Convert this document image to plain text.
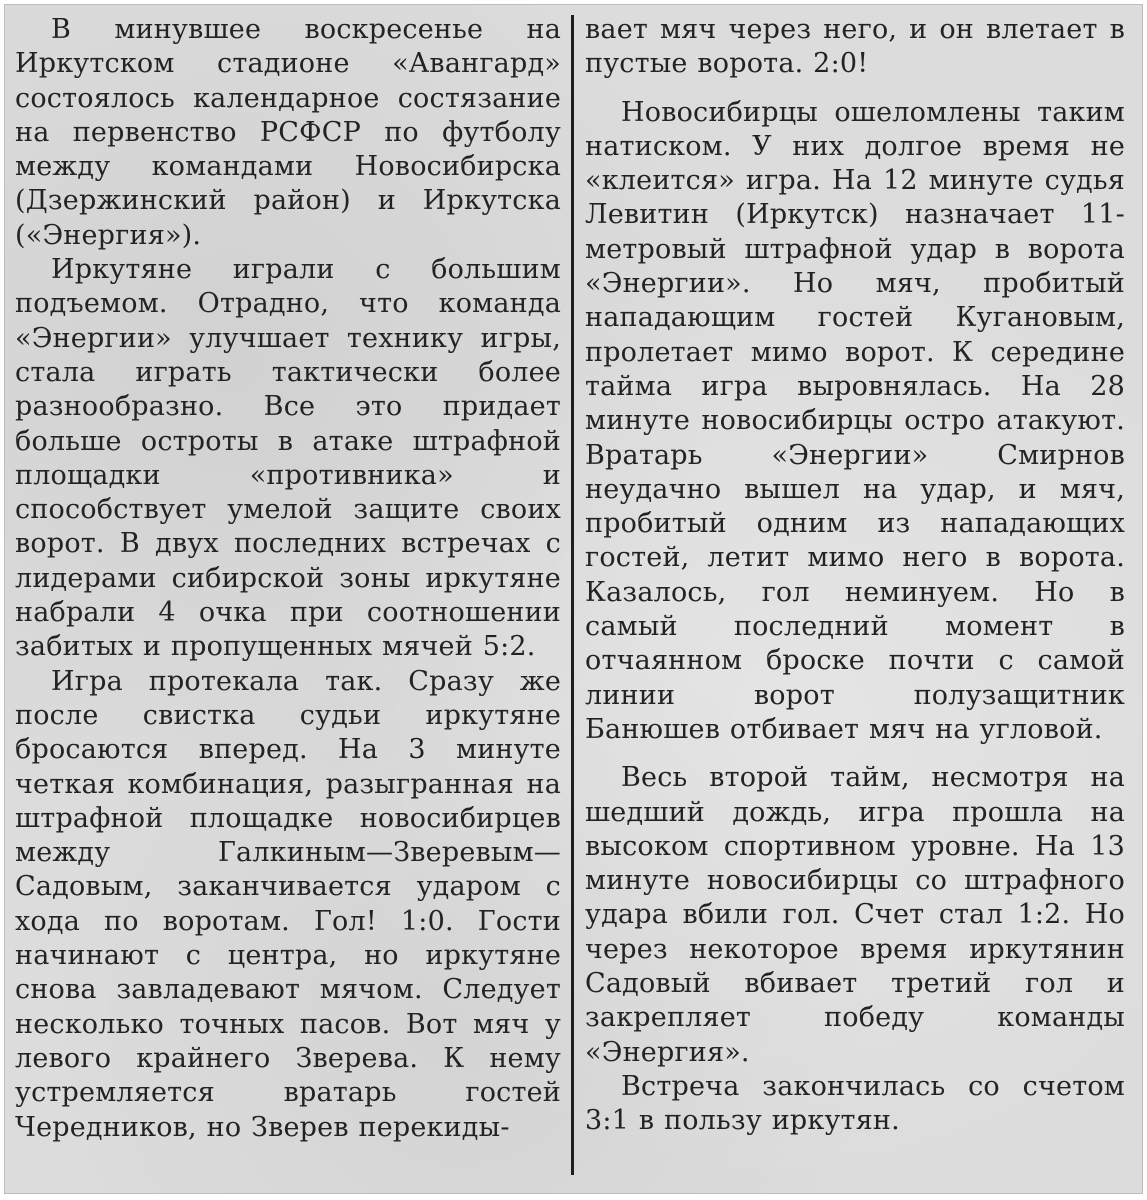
В минувшее воскресенье на Иркутском стадионе «Авангард» состоялось календарное состязание на первенство РСФСР по футболу между командами Новосибирска (Дзержинский район) и Иркутска («Энергия»).

Иркутяне играли с большим подъемом. Отрадно, что команда «Энергии» улучшает технику игры, стала играть тактически более разнообразно. Все это придает больше остроты в атаке штрафной площадки «противника» и способствует умелой защите своих ворот. В двух последних встречах с лидерами сибирской зоны иркутяне набрали 4 очка при соотношении забитых и пропущенных мячей 5:2.

Игра протекала так. Сразу же после свистка судьи иркутяне бросаются вперед. На 3 минуте четкая комбинация, разыгранная на штрафной площадке новосибирцев между Галкиным—Зверевым—Садовым, заканчивается ударом с хода по воротам. Гол! 1:0. Гости начинают с центра, но иркутяне снова завладевают мячом. Следует несколько точных пасов. Вот мяч у левого крайнего Зверева. К нему устремляется вратарь гостей Чередников, но Зверев перекиды-

вает мяч через него, и он влетает в пустые ворота. 2:0!

Новосибирцы ошеломлены таким натиском. У них долгое время не «клеится» игра. На 12 минуте судья Левитин (Иркутск) назначает 11-метровый штрафной удар в ворота «Энергии». Но мяч, пробитый нападающим гостей Кугановым, пролетает мимо ворот. К середине тайма игра выровнялась. На 28 минуте новосибирцы остро атакуют. Вратарь «Энергии» Смирнов неудачно вышел на удар, и мяч, пробитый одним из нападающих гостей, летит мимо него в ворота. Казалось, гол неминуем. Но в самый последний момент в отчаянном броске почти с самой линии ворот полузащитник Банюшев отбивает мяч на угловой.

Весь второй тайм, несмотря на шедший дождь, игра прошла на высоком спортивном уровне. На 13 минуте новосибирцы со штрафного удара вбили гол. Счет стал 1:2. Но через некоторое время иркутянин Садовый вбивает третий гол и закрепляет победу команды «Энергия».

Встреча закончилась со счетом 3:1 в пользу иркутян.
